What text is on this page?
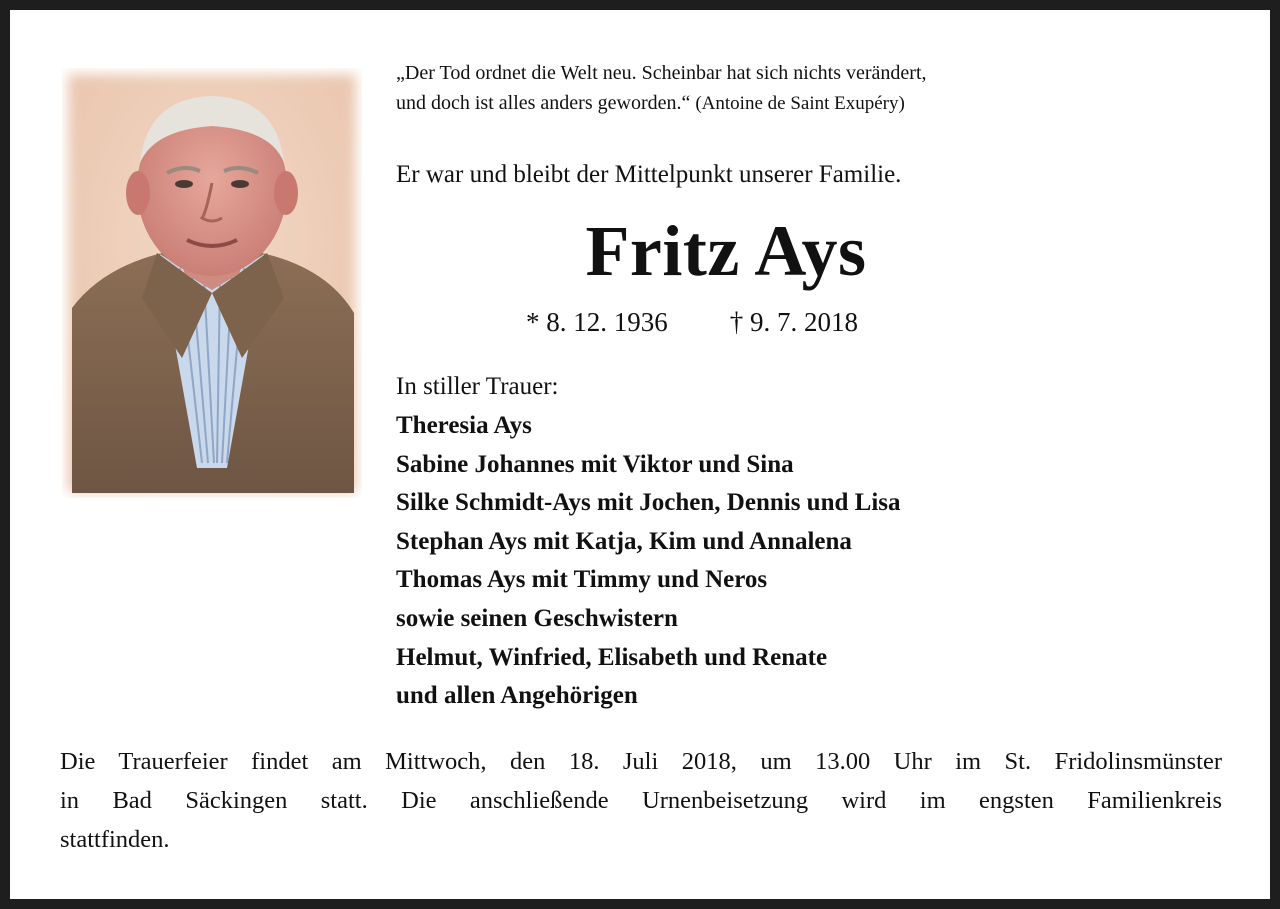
„Der Tod ordnet die Welt neu. Scheinbar hat sich nichts verändert,
und doch ist alles anders geworden.“ (Antoine de Saint Exupéry)
Er war und bleibt der Mittelpunkt unserer Familie.
Fritz Ays
* 8. 12. 1936 † 9. 7. 2018
In stiller Trauer:
Theresia Ays
Sabine Johannes mit Viktor und Sina
Silke Schmidt-Ays mit Jochen, Dennis und Lisa
Stephan Ays mit Katja, Kim und Annalena
Thomas Ays mit Timmy und Neros
sowie seinen Geschwistern
Helmut, Winfried, Elisabeth und Renate
und allen Angehörigen
Die Trauerfeier findet am Mittwoch, den 18. Juli 2018, um 13.00 Uhr im St. Fridolinsmünster
in Bad Säckingen statt. Die anschließende Urnenbeisetzung wird im engsten Familienkreis
stattfinden.
